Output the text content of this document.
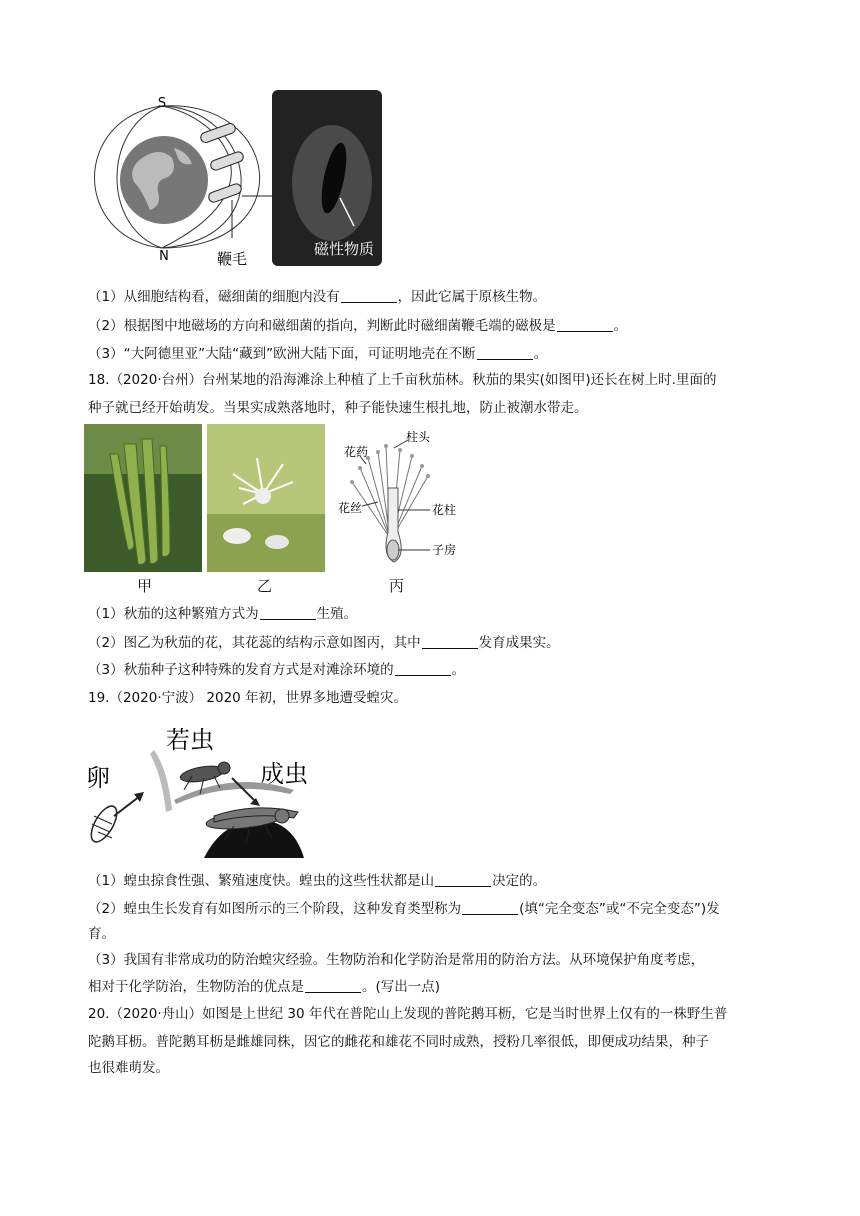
S
N	鞭毛
磁性物质
（1）从细胞结构看，磁细菌的细胞内没有	，因此它属于原核生物。
（2）根据图中地磁场的方向和磁细菌的指向，判断此时磁细菌鞭毛端的磁极是	。
（3）“大阿德里亚”大陆“藏到”欧洲大陆下面，可证明地壳在不断	。
18.（2020·台州）台州某地的沿海滩涂上种植了上千亩秋茄林。秋茄的果实(如图甲)还长在树上时.里面的
种子就已经开始萌发。当果实成熟落地时，种子能快速生根扎地，防止被潮水带走。
花药
柱头
花丝	花柱
子房
甲	乙	丙
（1）秋茄的这种繁殖方式为	生殖。
（2）图乙为秋茄的花，其花蕊的结构示意如图丙，其中	发育成果实。
（3）秋茄种子这种特殊的发育方式是对滩涂环境的	。
19.（2020·宁波） 2020 年初，世界多地遭受蝗灾。
卵
若虫
成虫
（1）蝗虫掠食性强、繁殖速度快。蝗虫的这些性状都是山	决定的。
（2）蝗虫生长发育有如图所示的三个阶段，这种发育类型称为	(填“完全变态”或“不完全变态”)发
育。
（3）我国有非常成功的防治蝗灾经验。生物防治和化学防治是常用的防治方法。从环境保护角度考虑，
相对于化学防治，生物防治的优点是	。(写出一点)
20.（2020·舟山）如图是上世纪 30 年代在普陀山上发现的普陀鹅耳枥，它是当时世界上仅有的一株野生普
陀鹅耳枥。普陀鹅耳枥是雌雄同株，因它的雌花和雄花不同时成熟，授粉几率很低，即便成功结果，种子
也很难萌发。
